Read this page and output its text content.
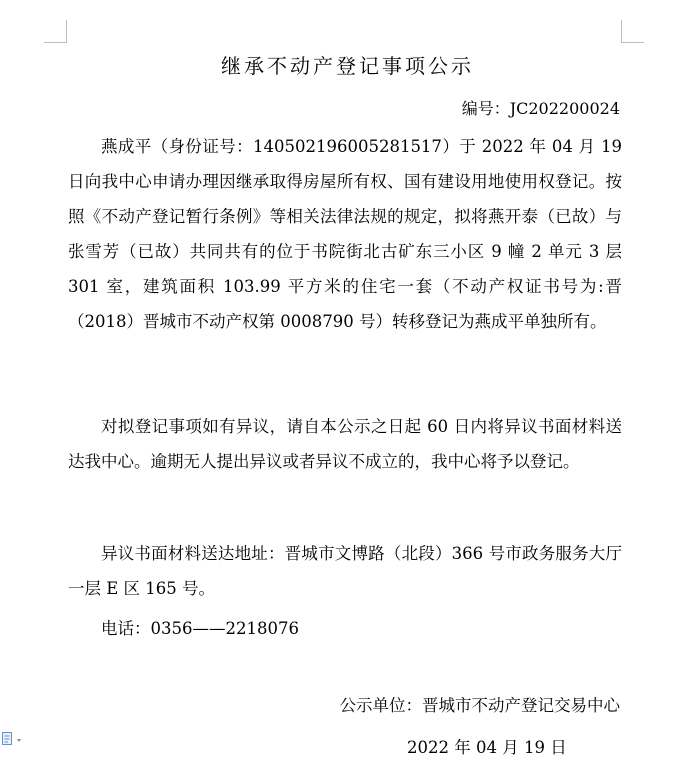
继承不动产登记事项公示
编号：JC202200024

燕成平（身份证号：140502196005281517）于 2022 年 04 月 19 日向我中心申请办理因继承取得房屋所有权、国有建设用地使用权登记。按照《不动产登记暂行条例》等相关法律法规的规定，拟将燕开泰（已故）与张雪芳（已故）共同共有的位于书院街北古矿东三小区 9 幢 2 单元 3 层 301 室，建筑面积 103.99 平方米的住宅一套（不动产权证书号为:晋（2018）晋城市不动产权第 0008790 号）转移登记为燕成平单独所有。

对拟登记事项如有异议，请自本公示之日起 60 日内将异议书面材料送达我中心。逾期无人提出异议或者异议不成立的，我中心将予以登记。

异议书面材料送达地址：晋城市文博路（北段）366 号市政务服务大厅一层 E 区 165 号。

电话：0356——2218076

公示单位：晋城市不动产登记交易中心
2022 年 04 月 19 日
